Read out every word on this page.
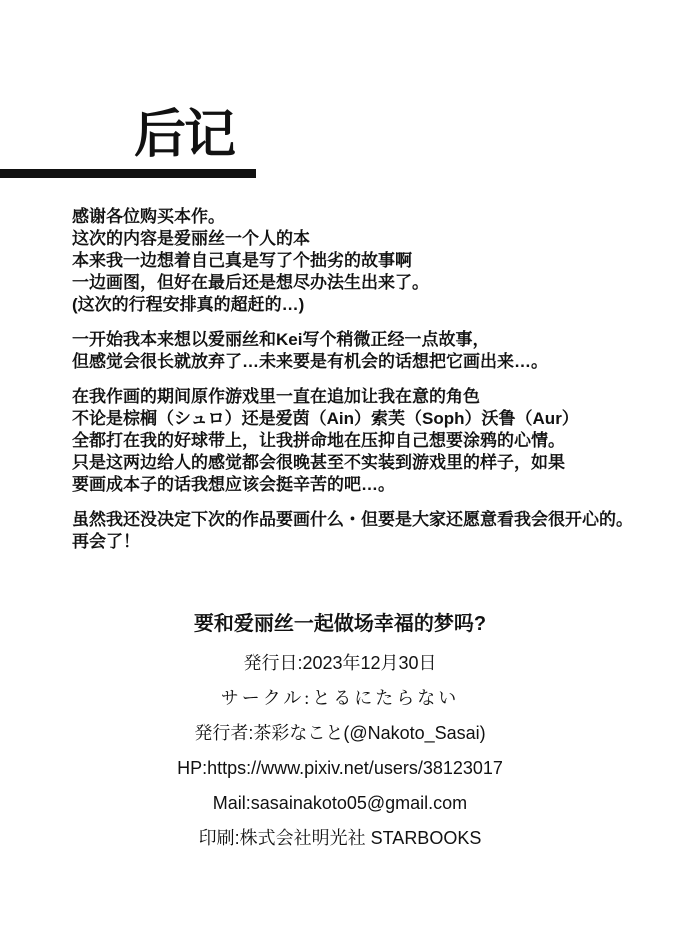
后记

感谢各位购买本作。
这次的内容是爱丽丝一个人的本
本来我一边想着自己真是写了个拙劣的故事啊
一边画图，但好在最后还是想尽办法生出来了。
(这次的行程安排真的超赶的…)

一开始我本来想以爱丽丝和Kei写个稍微正经一点故事，
但感觉会很长就放弃了…未来要是有机会的话想把它画出来…。

在我作画的期间原作游戏里一直在追加让我在意的角色
不论是棕榈（シュロ）还是爱茵（Ain）索芙（Soph）沃鲁（Aur）
全都打在我的好球带上，让我拼命地在压抑自己想要涂鸦的心情。
只是这两边给人的感觉都会很晚甚至不实装到游戏里的样子，如果
要画成本子的话我想应该会挺辛苦的吧…。

虽然我还没决定下次的作品要画什么・但要是大家还愿意看我会很开心的。
再会了！

要和爱丽丝一起做场幸福的梦吗?
発行日:2023年12月30日
サークル:とるにたらない
発行者:茶彩なこと(@Nakoto_Sasai)
HP:https://www.pixiv.net/users/38123017
Mail:sasainakoto05@gmail.com
印刷:株式会社明光社 STARBOOKS
